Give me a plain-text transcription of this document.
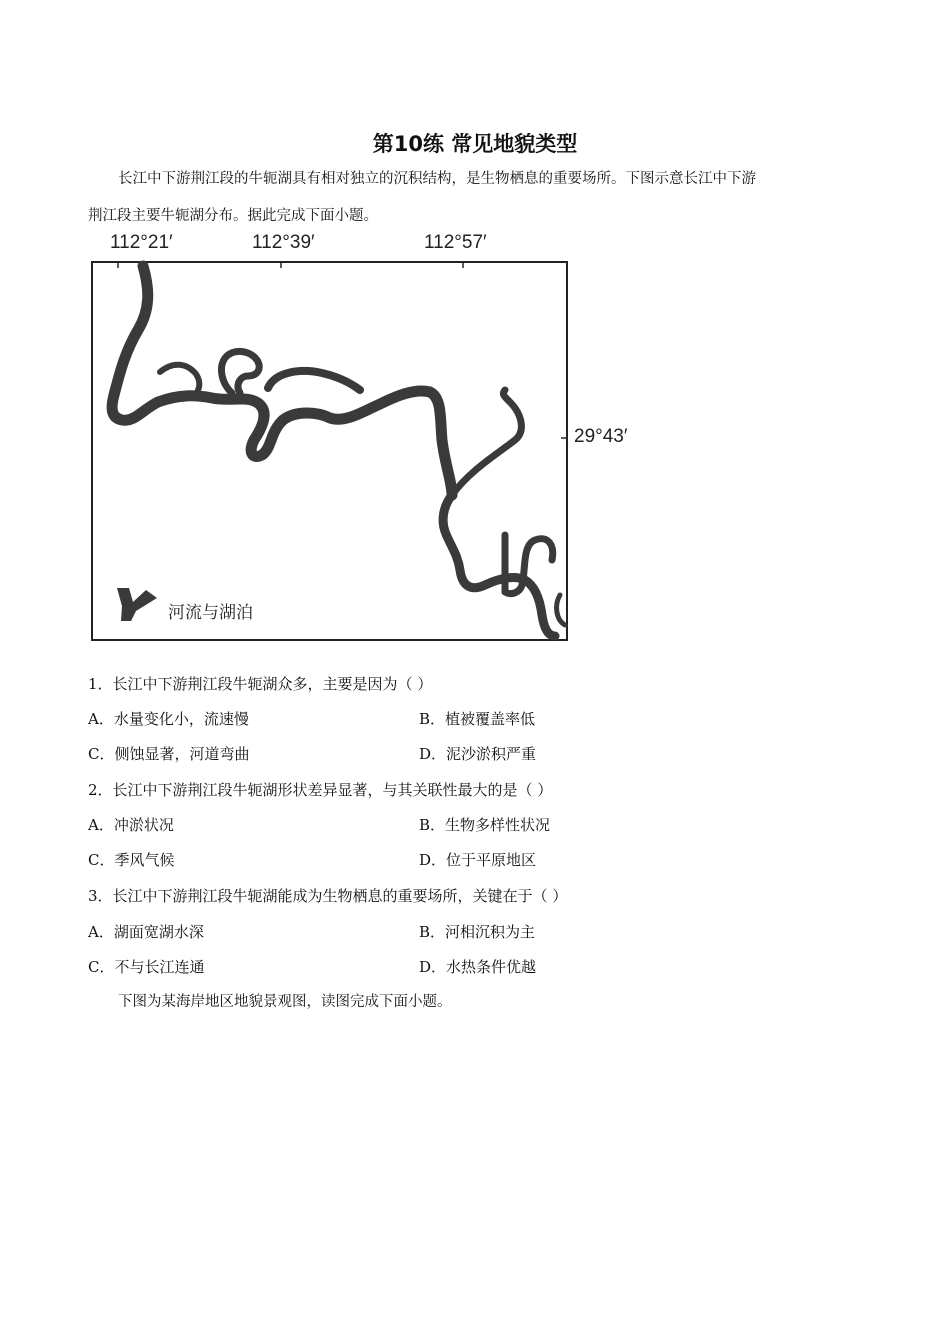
第10练 常见地貌类型
长江中下游荆江段的牛轭湖具有相对独立的沉积结构，是生物栖息的重要场所。下图示意长江中下游
荆江段主要牛轭湖分布。据此完成下面小题。
112°21′	112°39′	112°57′
29°43′
河流与湖泊
1．长江中下游荆江段牛轭湖众多，主要是因为（ ）
A．水量变化小，流速慢	B．植被覆盖率低
C．侧蚀显著，河道弯曲	D．泥沙淤积严重
2．长江中下游荆江段牛轭湖形状差异显著，与其关联性最大的是（ ）
A．冲淤状况	B．生物多样性状况
C．季风气候	D．位于平原地区
3．长江中下游荆江段牛轭湖能成为生物栖息的重要场所，关键在于（ ）
A．湖面宽湖水深	B．河相沉积为主
C．不与长江连通	D．水热条件优越
下图为某海岸地区地貌景观图，读图完成下面小题。
